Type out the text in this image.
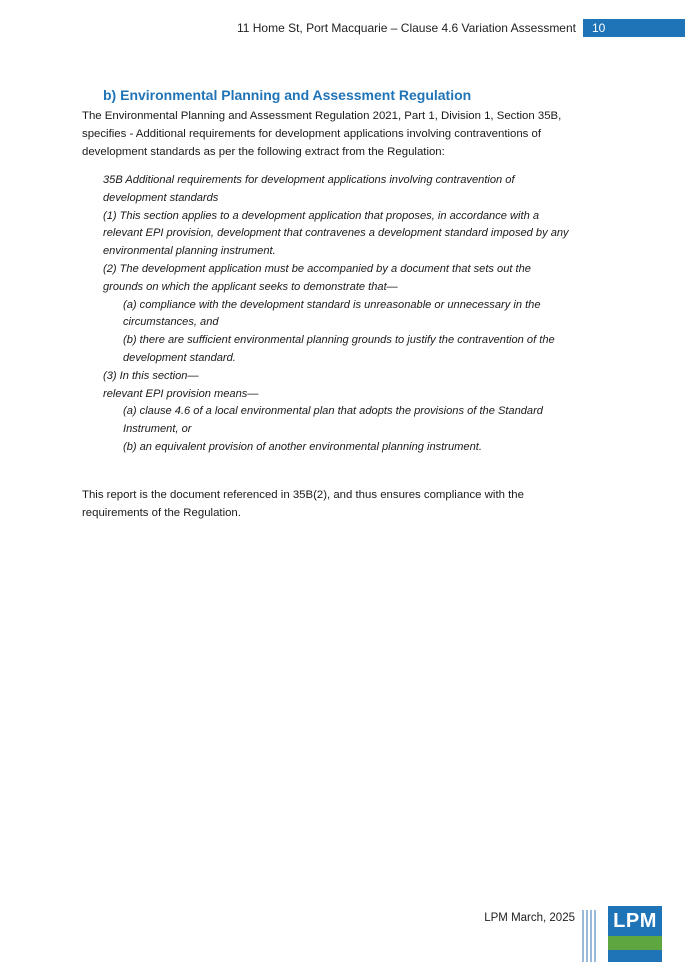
11 Home St, Port Macquarie – Clause 4.6 Variation Assessment	10
b) Environmental Planning and Assessment Regulation

The Environmental Planning and Assessment Regulation 2021, Part 1, Division 1, Section 35B, specifies - Additional requirements for development applications involving contraventions of development standards as per the following extract from the Regulation:

35B Additional requirements for development applications involving contravention of development standards

(1) This section applies to a development application that proposes, in accordance with a relevant EPI provision, development that contravenes a development standard imposed by any environmental planning instrument.

(2) The development application must be accompanied by a document that sets out the grounds on which the applicant seeks to demonstrate that—

(a) compliance with the development standard is unreasonable or unnecessary in the circumstances, and

(b) there are sufficient environmental planning grounds to justify the contravention of the development standard.

(3) In this section—

relevant EPI provision means—

(a) clause 4.6 of a local environmental plan that adopts the provisions of the Standard Instrument, or

(b) an equivalent provision of another environmental planning instrument.

This report is the document referenced in 35B(2), and thus ensures compliance with the requirements of the Regulation.

LPM March, 2025 LPM
